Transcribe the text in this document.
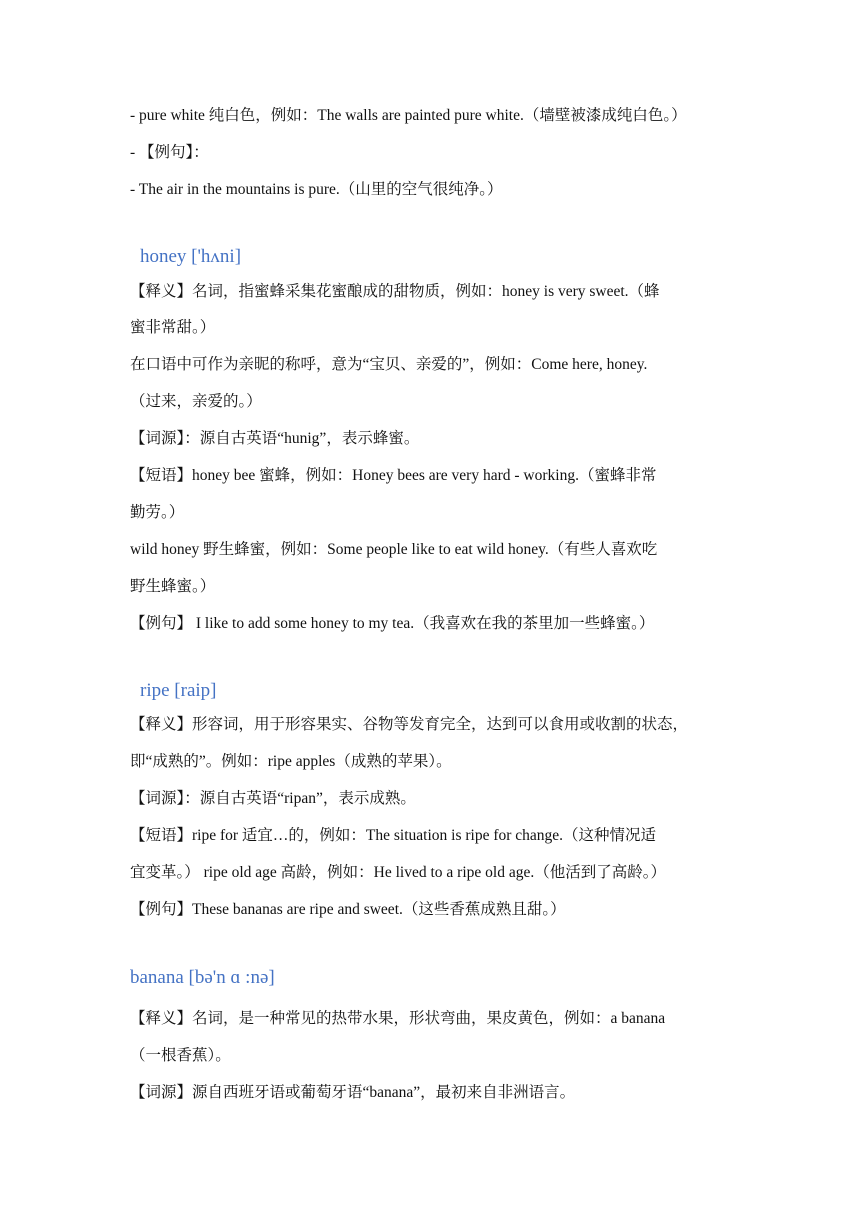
- pure white 纯白色，例如：The walls are painted pure white.（墙壁被漆成纯白色。）
- 【例句】：
- The air in the mountains is pure.（山里的空气很纯净。）
honey ['hʌni]
【释义】名词，指蜜蜂采集花蜜酿成的甜物质，例如：honey is very sweet.（蜂
蜜非常甜。）
在口语中可作为亲昵的称呼，意为“宝贝、亲爱的”，例如：Come here, honey.
（过来，亲爱的。）
【词源】：源自古英语“hunig”，表示蜂蜜。
【短语】honey bee 蜜蜂，例如：Honey bees are very hard - working.（蜜蜂非常
勤劳。）
wild honey 野生蜂蜜，例如：Some people like to eat wild honey.（有些人喜欢吃
野生蜂蜜。）
【例句】 I like to add some honey to my tea.（我喜欢在我的茶里加一些蜂蜜。）
ripe [raip]
【释义】形容词，用于形容果实、谷物等发育完全，达到可以食用或收割的状态，
即“成熟的”。例如：ripe apples（成熟的苹果）。
【词源】：源自古英语“ripan”，表示成熟。
【短语】ripe for 适宜…的，例如：The situation is ripe for change.（这种情况适
宜变革。） ripe old age 高龄，例如：He lived to a ripe old age.（他活到了高龄。）
【例句】These bananas are ripe and sweet.（这些香蕉成熟且甜。）
banana [bə'n ɑ :nə]
【释义】名词，是一种常见的热带水果，形状弯曲，果皮黄色，例如：a banana
（一根香蕉）。
【词源】源自西班牙语或葡萄牙语“banana”，最初来自非洲语言。
